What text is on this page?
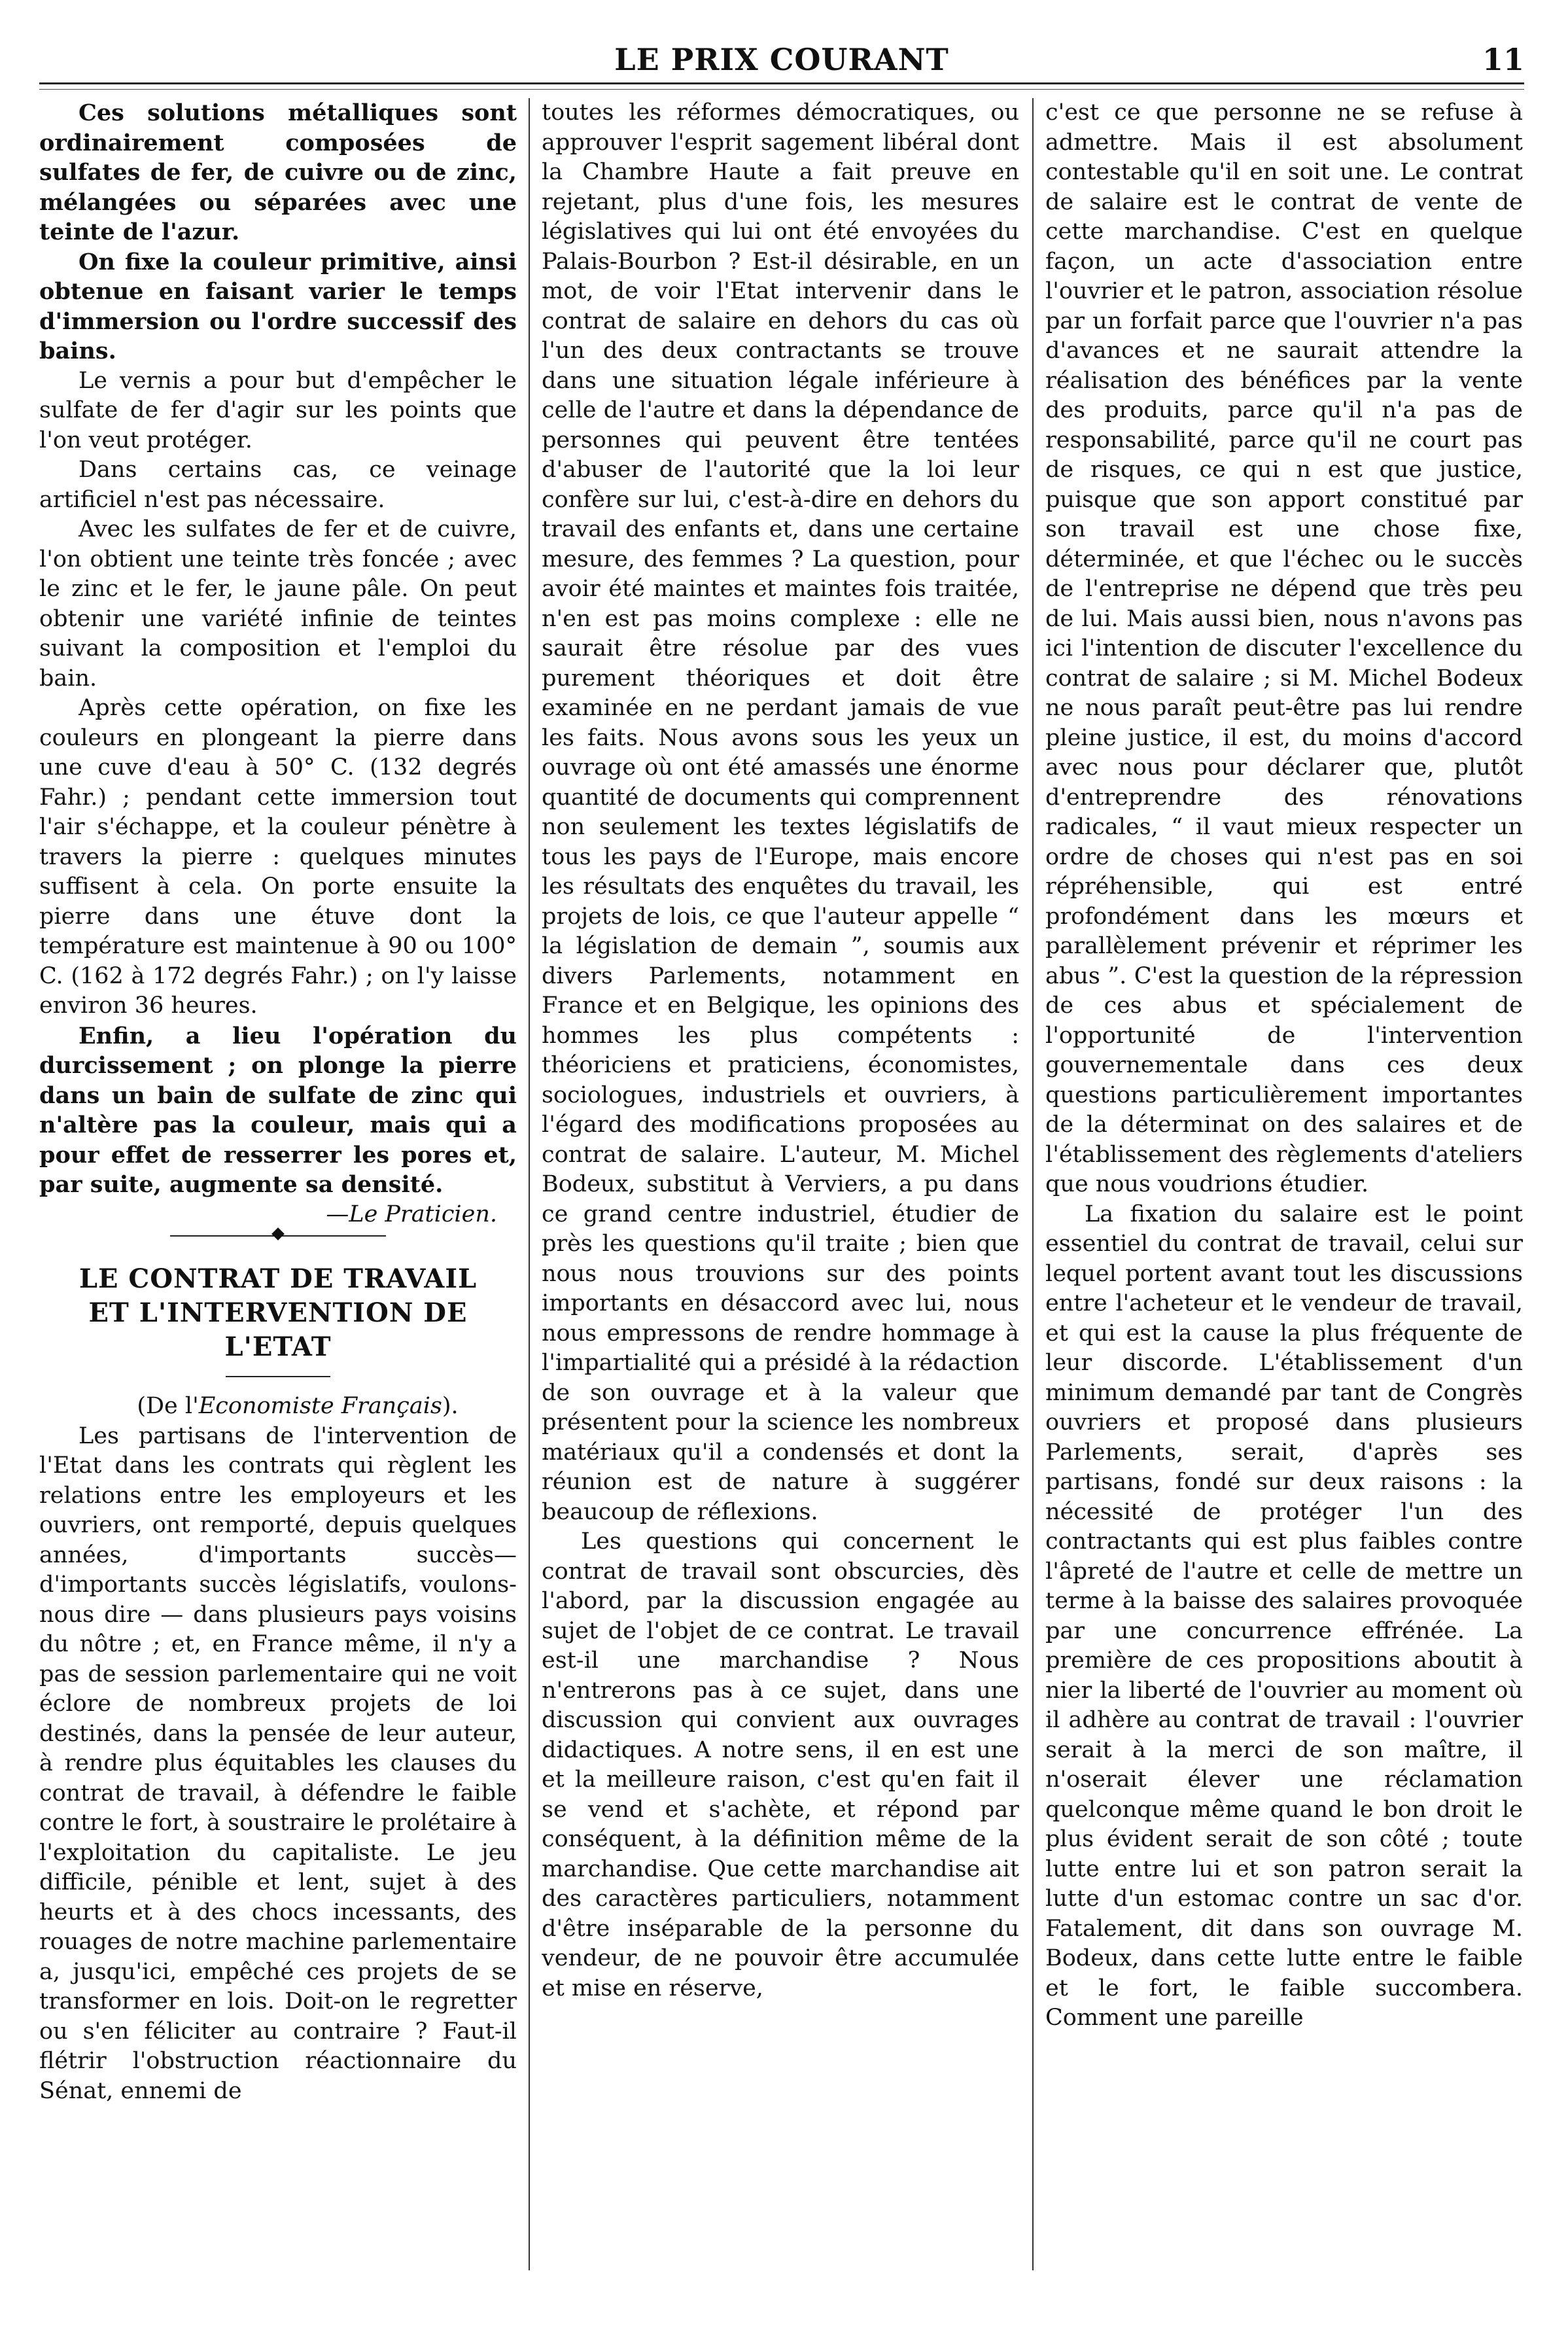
LE PRIX COURANT	11

Ces solutions métalliques sont ordinairement composées de sulfates de fer, de cuivre ou de zinc, mélangées ou séparées avec une teinte de l'azur.

On fixe la couleur primitive, ainsi obtenue en faisant varier le temps d'immersion ou l'ordre successif des bains.

Le vernis a pour but d'empêcher le sulfate de fer d'agir sur les points que l'on veut protéger.

Dans certains cas, ce veinage artificiel n'est pas nécessaire.

Avec les sulfates de fer et de cuivre, l'on obtient une teinte très foncée ; avec le zinc et le fer, le jaune pâle. On peut obtenir une variété infinie de teintes suivant la composition et l'emploi du bain.

Après cette opération, on fixe les couleurs en plongeant la pierre dans une cuve d'eau à 50° C. (132 degrés Fahr.) ; pendant cette immersion tout l'air s'échappe, et la couleur pénètre à travers la pierre : quelques minutes suffisent à cela. On porte ensuite la pierre dans une étuve dont la température est maintenue à 90 ou 100° C. (162 à 172 degrés Fahr.) ; on l'y laisse environ 36 heures.

Enfin, a lieu l'opération du durcissement ; on plonge la pierre dans un bain de sulfate de zinc qui n'altère pas la couleur, mais qui a pour effet de resserrer les pores et, par suite, augmente sa densité.

—Le Praticien.

LE CONTRAT DE TRAVAIL
ET L'INTERVENTION DE L'ETAT

(De l'Economiste Français).

Les partisans de l'intervention de l'Etat dans les contrats qui règlent les relations entre les employeurs et les ouvriers, ont remporté, depuis quelques années, d'importants succès—d'importants succès législatifs, voulons-nous dire — dans plusieurs pays voisins du nôtre ; et, en France même, il n'y a pas de session parlementaire qui ne voit éclore de nombreux projets de loi destinés, dans la pensée de leur auteur, à rendre plus équitables les clauses du contrat de travail, à défendre le faible contre le fort, à soustraire le prolétaire à l'exploitation du capitaliste. Le jeu difficile, pénible et lent, sujet à des heurts et à des chocs incessants, des rouages de notre machine parlementaire a, jusqu'ici, empêché ces projets de se transformer en lois. Doit-on le regretter ou s'en féliciter au contraire ? Faut-il flétrir l'obstruction réactionnaire du Sénat, ennemi de

toutes les réformes démocratiques, ou approuver l'esprit sagement libéral dont la Chambre Haute a fait preuve en rejetant, plus d'une fois, les mesures législatives qui lui ont été envoyées du Palais-Bourbon ? Est-il désirable, en un mot, de voir l'Etat intervenir dans le contrat de salaire en dehors du cas où l'un des deux contractants se trouve dans une situation légale inférieure à celle de l'autre et dans la dépendance de personnes qui peuvent être tentées d'abuser de l'autorité que la loi leur confère sur lui, c'est-à-dire en dehors du travail des enfants et, dans une certaine mesure, des femmes ? La question, pour avoir été maintes et maintes fois traitée, n'en est pas moins complexe : elle ne saurait être résolue par des vues purement théoriques et doit être examinée en ne perdant jamais de vue les faits. Nous avons sous les yeux un ouvrage où ont été amassés une énorme quantité de documents qui comprennent non seulement les textes législatifs de tous les pays de l'Europe, mais encore les résultats des enquêtes du travail, les projets de lois, ce que l'auteur appelle “ la législation de demain ”, soumis aux divers Parlements, notamment en France et en Belgique, les opinions des hommes les plus compétents : théoriciens et praticiens, économistes, sociologues, industriels et ouvriers, à l'égard des modifications proposées au contrat de salaire. L'auteur, M. Michel Bodeux, substitut à Verviers, a pu dans ce grand centre industriel, étudier de près les questions qu'il traite ; bien que nous nous trouvions sur des points importants en désaccord avec lui, nous nous empressons de rendre hommage à l'impartialité qui a présidé à la rédaction de son ouvrage et à la valeur que présentent pour la science les nombreux matériaux qu'il a condensés et dont la réunion est de nature à suggérer beaucoup de réflexions.

Les questions qui concernent le contrat de travail sont obscurcies, dès l'abord, par la discussion engagée au sujet de l'objet de ce contrat. Le travail est-il une marchandise ? Nous n'entrerons pas à ce sujet, dans une discussion qui convient aux ouvrages didactiques. A notre sens, il en est une et la meilleure raison, c'est qu'en fait il se vend et s'achète, et répond par conséquent, à la définition même de la marchandise. Que cette marchandise ait des caractères particuliers, notamment d'être inséparable de la personne du vendeur, de ne pouvoir être accumulée et mise en réserve,

c'est ce que personne ne se refuse à admettre. Mais il est absolument contestable qu'il en soit une. Le contrat de salaire est le contrat de vente de cette marchandise. C'est en quelque façon, un acte d'association entre l'ouvrier et le patron, association résolue par un forfait parce que l'ouvrier n'a pas d'avances et ne saurait attendre la réalisation des bénéfices par la vente des produits, parce qu'il n'a pas de responsabilité, parce qu'il ne court pas de risques, ce qui n est que justice, puisque que son apport constitué par son travail est une chose fixe, déterminée, et que l'échec ou le succès de l'entreprise ne dépend que très peu de lui. Mais aussi bien, nous n'avons pas ici l'intention de discuter l'excellence du contrat de salaire ; si M. Michel Bodeux ne nous paraît peut-être pas lui rendre pleine justice, il est, du moins d'accord avec nous pour déclarer que, plutôt d'entreprendre des rénovations radicales, “ il vaut mieux respecter un ordre de choses qui n'est pas en soi répréhensible, qui est entré profondément dans les mœurs et parallèlement prévenir et réprimer les abus ”. C'est la question de la répression de ces abus et spécialement de l'opportunité de l'intervention gouvernementale dans ces deux questions particulièrement importantes de la déterminat on des salaires et de l'établissement des règlements d'ateliers que nous voudrions étudier.

La fixation du salaire est le point essentiel du contrat de travail, celui sur lequel portent avant tout les discussions entre l'acheteur et le vendeur de travail, et qui est la cause la plus fréquente de leur discorde. L'établissement d'un minimum demandé par tant de Congrès ouvriers et proposé dans plusieurs Parlements, serait, d'après ses partisans, fondé sur deux raisons : la nécessité de protéger l'un des contractants qui est plus faibles contre l'âpreté de l'autre et celle de mettre un terme à la baisse des salaires provoquée par une concurrence effrénée. La première de ces propositions aboutit à nier la liberté de l'ouvrier au moment où il adhère au contrat de travail : l'ouvrier serait à la merci de son maître, il n'oserait élever une réclamation quelconque même quand le bon droit le plus évident serait de son côté ; toute lutte entre lui et son patron serait la lutte d'un estomac contre un sac d'or. Fatalement, dit dans son ouvrage M. Bodeux, dans cette lutte entre le faible et le fort, le faible succombera. Comment une pareille
